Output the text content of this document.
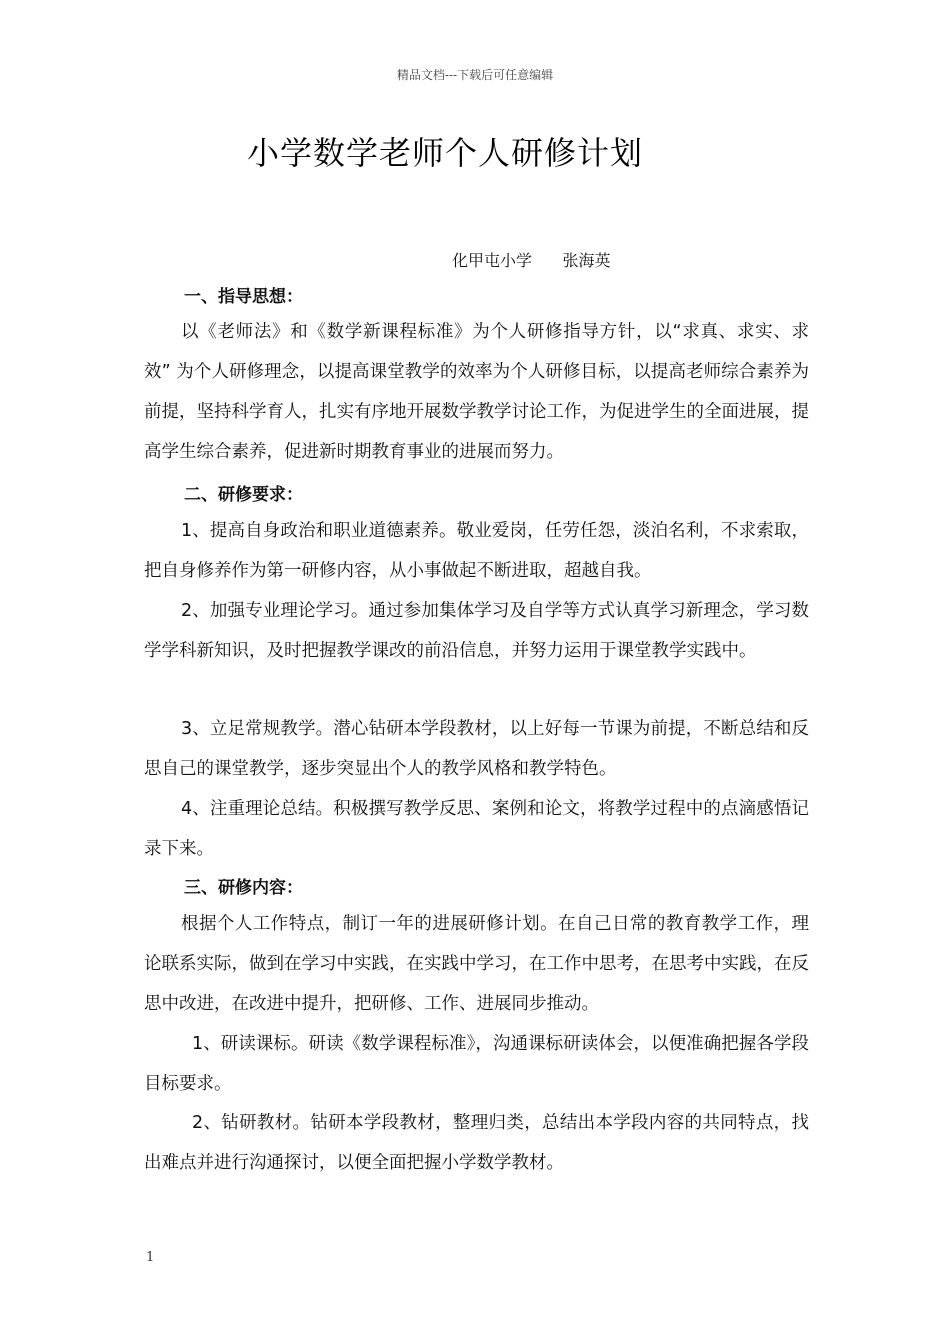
精品文档---下载后可任意编辑
小学数学老师个人研修计划
化甲屯小学      张海英
一、指导思想：
以《老师法》和《数学新课程标准》为个人研修指导方针，以“求真、求实、求效” 为个人研修理念，以提高课堂教学的效率为个人研修目标，以提高老师综合素养为前提，坚持科学育人，扎实有序地开展数学教学讨论工作，为促进学生的全面进展，提高学生综合素养，促进新时期教育事业的进展而努力。
二、研修要求：
1、提高自身政治和职业道德素养。敬业爱岗，任劳任怨，淡泊名利，不求索取，把自身修养作为第一研修内容，从小事做起不断进取，超越自我。
2、加强专业理论学习。通过参加集体学习及自学等方式认真学习新理念，学习数学学科新知识，及时把握教学课改的前沿信息，并努力运用于课堂教学实践中。
3、立足常规教学。潜心钻研本学段教材，以上好每一节课为前提，不断总结和反思自己的课堂教学，逐步突显出个人的教学风格和教学特色。
4、注重理论总结。积极撰写教学反思、案例和论文，将教学过程中的点滴感悟记录下来。
三、研修内容：
根据个人工作特点，制订一年的进展研修计划。在自己日常的教育教学工作，理论联系实际，做到在学习中实践，在实践中学习，在工作中思考，在思考中实践，在反思中改进，在改进中提升，把研修、工作、进展同步推动。
1、研读课标。研读《数学课程标准》，沟通课标研读体会，以便准确把握各学段目标要求。
2、钻研教材。钻研本学段教材，整理归类，总结出本学段内容的共同特点，找出难点并进行沟通探讨，以便全面把握小学数学教材。
1
